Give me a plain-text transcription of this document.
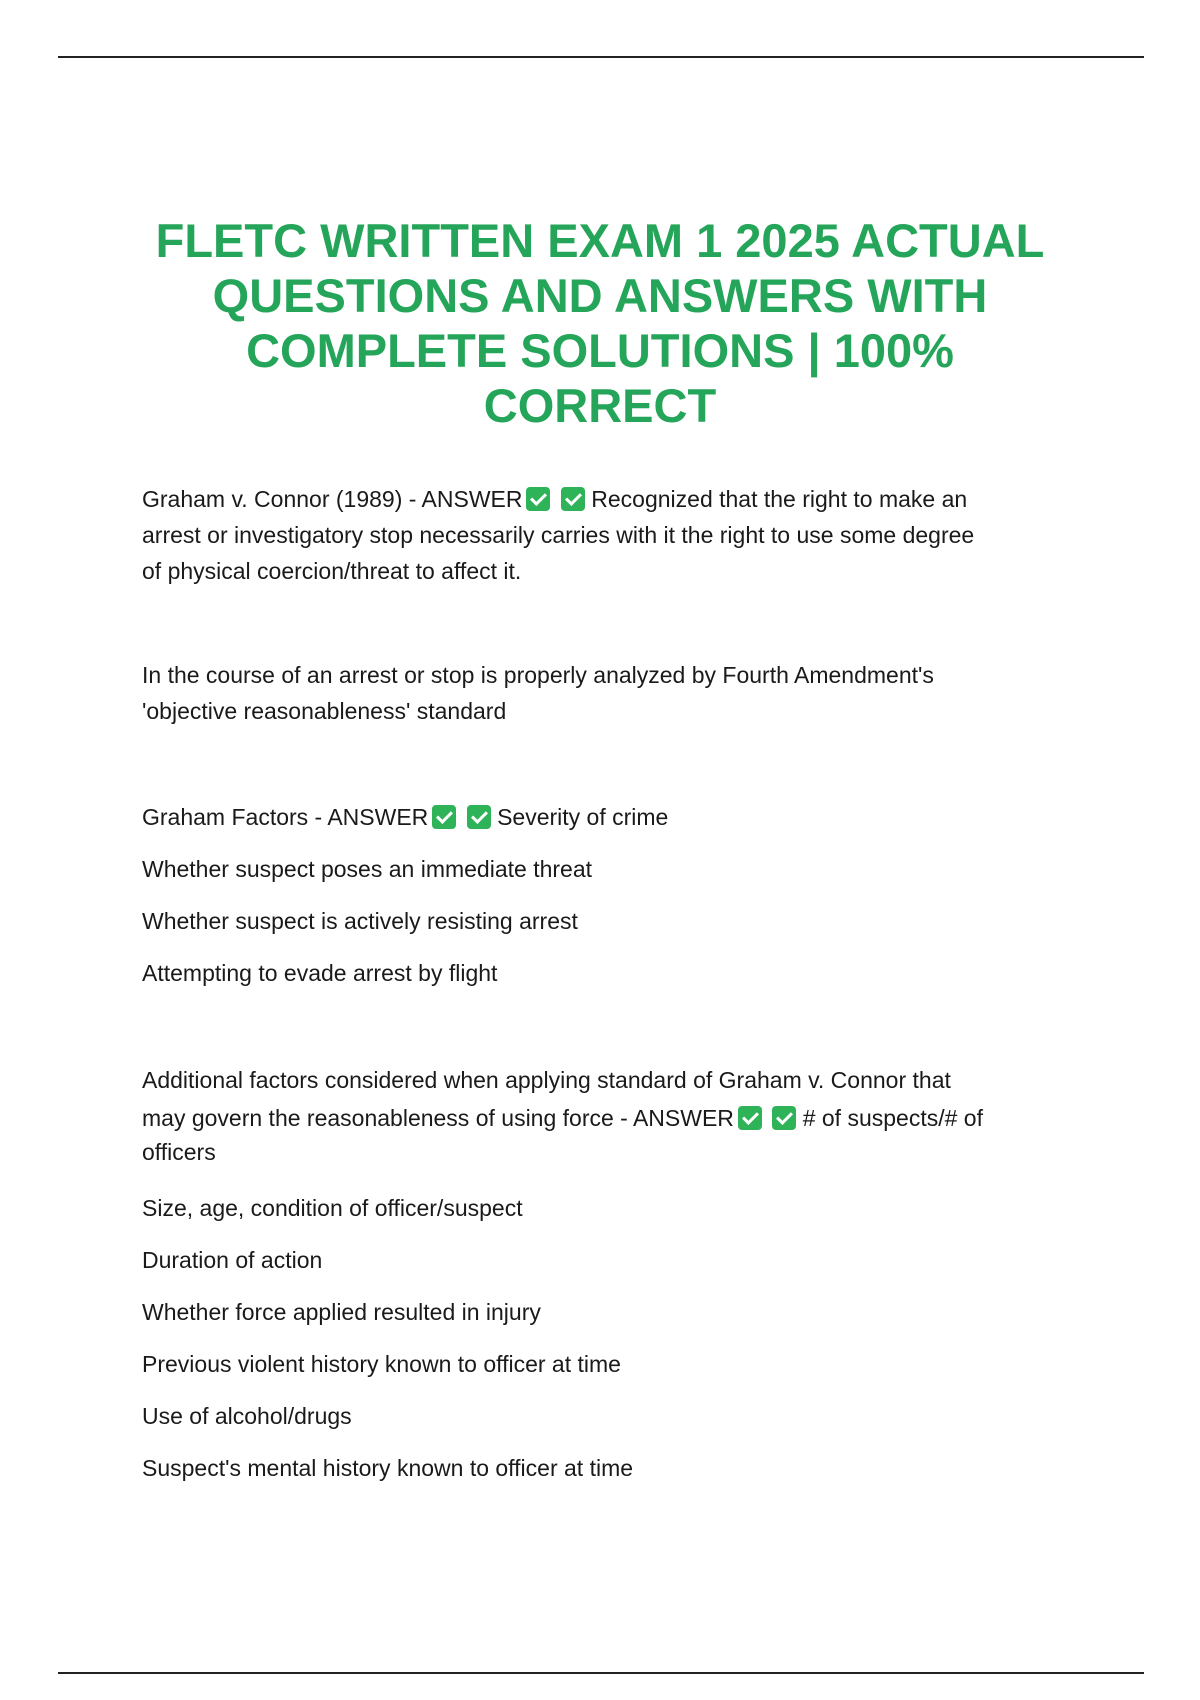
FLETC WRITTEN EXAM 1 2025 ACTUAL
QUESTIONS AND ANSWERS WITH
COMPLETE SOLUTIONS | 100%
CORRECT

Graham v. Connor (1989) - ANSWER	Recognized that the right to make an

arrest or investigatory stop necessarily carries with it the right to use some degree

of physical coercion/threat to affect it.

In the course of an arrest or stop is properly analyzed by Fourth Amendment's

'objective reasonableness' standard

Graham Factors - ANSWER	Severity of crime
Whether suspect poses an immediate threat
Whether suspect is actively resisting arrest
Attempting to evade arrest by flight

Additional factors considered when applying standard of Graham v. Connor that

may govern the reasonableness of using force - ANSWER	# of suspects/# of

officers

Size, age, condition of officer/suspect
Duration of action
Whether force applied resulted in injury
Previous violent history known to officer at time
Use of alcohol/drugs
Suspect's mental history known to officer at time
